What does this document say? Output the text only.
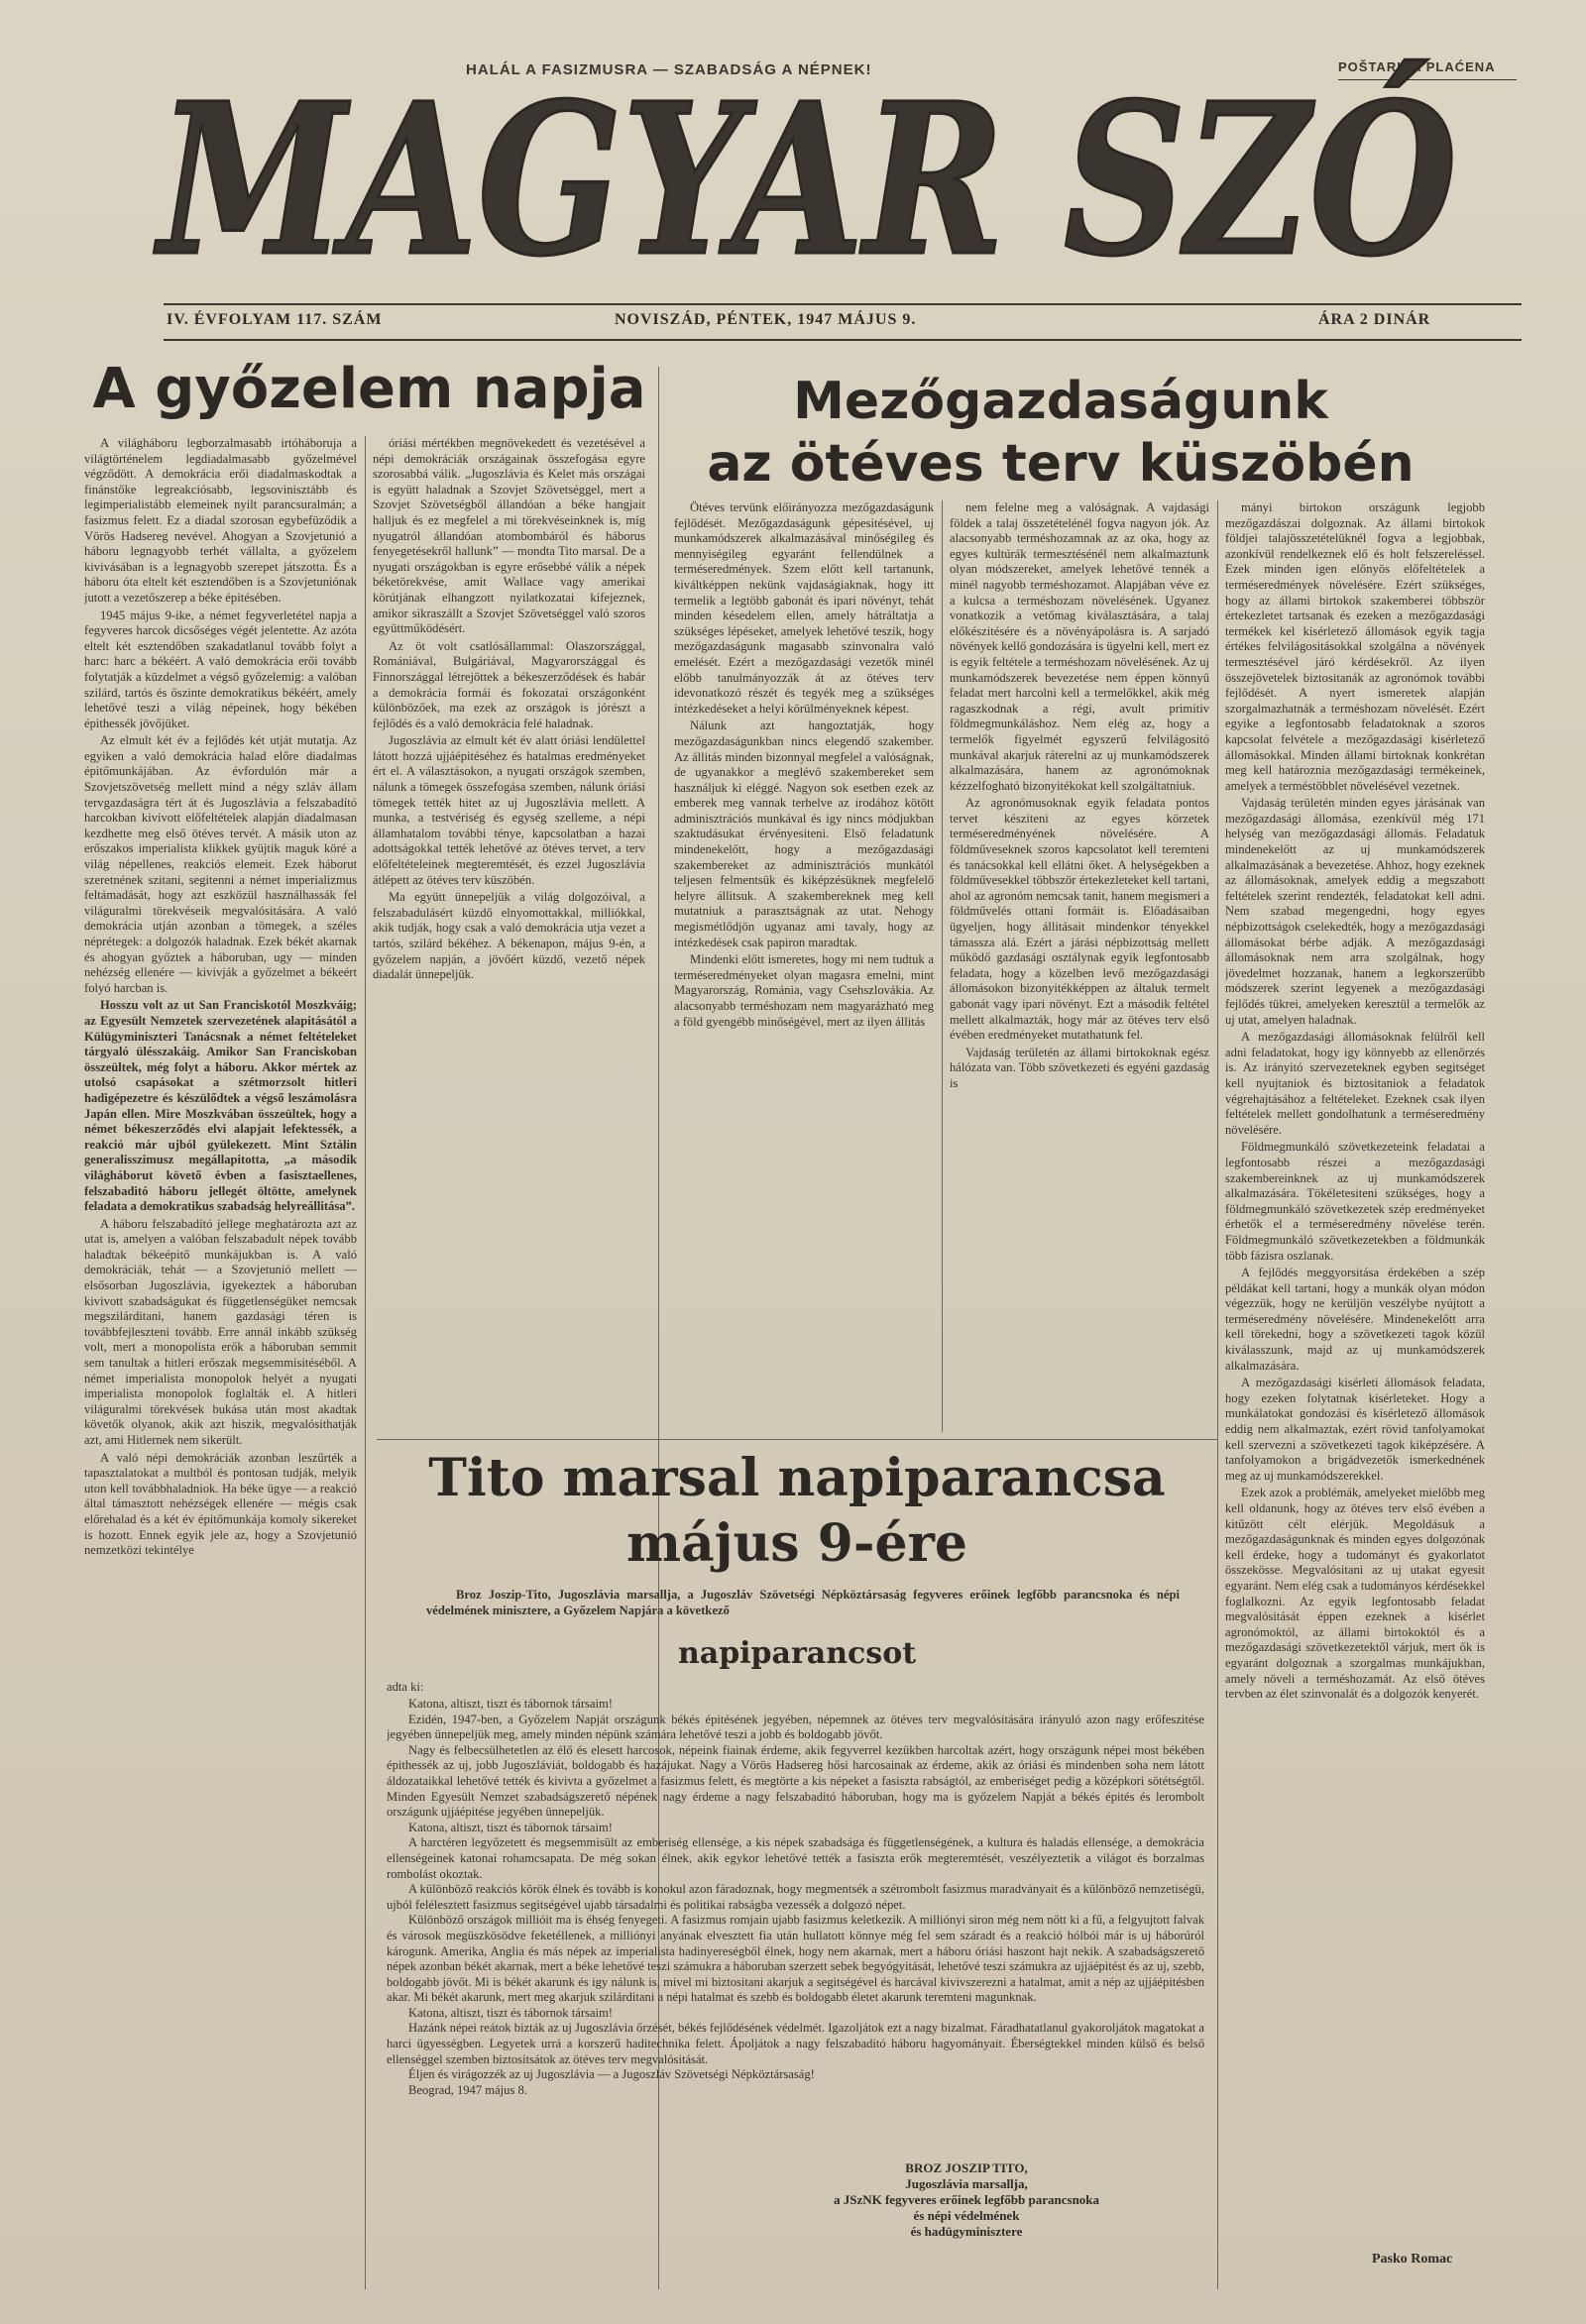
HALÁL A FASIZMUSRA — SZABADSÁG A NÉPNEK!	POŠTARINA PLAĆENA
MAGYAR SZÓ
IV. ÉVFOLYAM 117. SZÁM	NOVISZÁD, PÉNTEK, 1947 MÁJUS 9.	ÁRA 2 DINÁR
A győzelem napja

A világháboru legborzalmasabb irtóháboruja a világtörténelem legdiadalmasabb győzelmével végződött. A demokrácia erői diadalmaskodtak a finánstőke legreakciósabb, legsovinisztább és legimperialistább elemeinek nyilt parancsuralmán; a fasizmus felett. Ez a diadal szorosan egybefüződik a Vörös Hadsereg nevével. Ahogyan a Szovjetunió a háboru legnagyobb terhét vállalta, a győzelem kivivásában is a legnagyobb szerepet játszotta. És a háboru óta eltelt két esztendőben is a Szovjetuniónak jutott a vezetőszerep a béke épitésében.

1945 május 9-ike, a német fegyverletétel napja a fegyveres harcok dicsőséges végét jelentette. Az azóta eltelt két esztendőben szakadatlanul tovább folyt a harc: harc a békéért. A való demokrácia erői tovább folytatják a küzdelmet a végső győzelemig: a valóban szilárd, tartós és őszinte demokratikus békéért, amely lehetővé teszi a világ népeinek, hogy békében épithessék jövőjüket.

Az elmult két év a fejlődés két utját mutatja. Az egyiken a való demokrácia halad előre diadalmas épitőmunkájában. Az évfordulón már a Szovjetszövetség mellett mind a négy szláv állam tervgazdaságra tért át és Jugoszlávia a felszabadító harcokban kivivott előfeltételek alapján diadalmasan kezdhette meg első ötéves tervét. A másik uton az erőszakos imperialista klikkek gyüjtik maguk köré a világ népellenes, reakciós elemeit. Ezek háborut szeretnének szitani, segitenni a német imperializmus feltámadását, hogy azt eszközül használhassák fel világuralmi törekvéseik megvalósitására. A való demokrácia utján azonban a tömegek, a széles néprétegek: a dolgozók haladnak. Ezek békét akarnak és ahogyan győztek a háboruban, ugy — minden nehézség ellenére — kivivják a győzelmet a békeért folyó harcban is.

Hosszu volt az ut San Franciskotól Moszkváig; az Egyesült Nemzetek szervezetének alapitásától a Külügyminiszteri Tanácsnak a német feltételeket tárgyaló ülésszakáig. Amikor San Franciskoban összeültek, még folyt a háboru. Akkor mértek az utolsó csapásokat a szétmorzsolt hitleri hadigépezetre és készülődtek a végső leszámolásra Japán ellen. Mire Moszkvában összeültek, hogy a német békeszerződés elvi alapjait lefektessék, a reakció már ujból gyülekezett. Mint Sztálin generalisszimusz megállapitotta, „a második világháborut követő évben a fasisztaellenes, felszabaditó háboru jellegét öltötte, amelynek feladata a demokratikus szabadság helyreállitása”.

A háboru felszabadító jellege meghatározta azt az utat is, amelyen a valóban felszabadult népek tovább haladtak békeépitő munkájukban is. A való demokráciák, tehát — a Szovjetunió mellett — elsősorban Jugoszlávia, igyekeztek a háboruban kivivott szabadságukat és függetlenségüket nemcsak megszilárditani, hanem gazdasági téren is továbbfejleszteni tovább. Erre annál inkább szükség volt, mert a monopolista erők a háboruban semmit sem tanultak a hitleri erőszak megsemmisitéséből. A német imperialista monopolok helyét a nyugati imperialista monopolok foglalták el. A hitleri világuralmi törekvések bukása után most akadtak követők olyanok, akik azt hiszik, megvalósithatják azt, ami Hitlernek nem sikerült.

A való népi demokráciák azonban leszűrték a tapasztalatokat a multból és pontosan tudják, melyik uton kell továbbhaladniok. Ha béke ügye — a reakció által támasztott nehézségek ellenére — mégis csak előrehalad és a két év épitőmunkája komoly sikereket is hozott. Ennek egyik jele az, hogy a Szovjetunió nemzetközi tekintélye

óriási mértékben megnövekedett és vezetésével a népi demokráciák országainak összefogása egyre szorosabbá válik. „Jugoszlávia és Kelet más országai is együtt haladnak a Szovjet Szövetséggel, mert a Szovjet Szövetségből állandóan a béke hangjait halljuk és ez megfelel a mi törekvéseinknek is, míg nyugatról állandóan atombombáról és háborus fenyegetésekről hallunk” — mondta Tito marsal. De a nyugati országokban is egyre erősebbé válik a népek béketörekvése, amit Wallace vagy amerikai körútjának elhangzott nyilatkozatai kifejeznek, amikor sikraszállt a Szovjet Szövetséggel való szoros együttműködésért.

Az öt volt csatlósállammal: Olaszországgal, Romániával, Bulgáriával, Magyarországgal és Finnországgal létrejöttek a békeszerződések és habár a demokrácia formái és fokozatai országonként különbözőek, ma ezek az országok is jórészt a fejlődés és a való demokrácia felé haladnak.

Jugoszlávia az elmult két év alatt óriási lendülettel látott hozzá ujjáépitéséhez és hatalmas eredményeket ért el. A választásokon, a nyugati országok szemben, nálunk a tömegek összefogása szemben, nálunk óriási tömegek tették hitet az uj Jugoszlávia mellett. A munka, a testvériség és egység szelleme, a népi államhatalom további ténye, kapcsolatban a hazai adottságokkal tették lehetővé az ötéves tervet, a terv előfeltételeinek megteremtését, és ezzel Jugoszlávia átlépett az ötéves terv küszöbén.

Ma együtt ünnepeljük a világ dolgozóival, a felszabadulásért küzdő elnyomottakkal, milliókkal, akik tudják, hogy csak a való demokrácia utja vezet a tartós, szilárd békéhez. A békenapon, május 9-én, a győzelem napján, a jövőért küzdő, vezető népek diadalát ünnepeljük.

Mezőgazdaságunk
az ötéves terv küszöbén

Ötéves tervünk előirányozza mezőgazdaságunk fejlődését. Mezőgazdaságunk gépesitésével, uj munkamódszerek alkalmazásával minőségileg és mennyiségileg egyaránt fellendülnek a terméseredmények. Szem előtt kell tartanunk, kiváltképpen nekünk vajdaságiaknak, hogy itt termelik a legtöbb gabonát és ipari növényt, tehát minden késedelem ellen, amely hátráltatja a szükséges lépéseket, amelyek lehetővé teszik, hogy mezőgazdaságunk magasabb szinvonalra való emelését. Ezért a mezőgazdasági vezetők minél előbb tanulmányozzák át az ötéves terv idevonatkozó részét és tegyék meg a szükséges intézkedéseket a helyi körülményeknek képest.

Nálunk azt hangoztatják, hogy mezőgazdaságunkban nincs elegendő szakember. Az állitás minden bizonnyal megfelel a valóságnak, de ugyanakkor a meglévő szakembereket sem használjuk ki eléggé. Nagyon sok esetben ezek az emberek meg vannak terhelve az irodához kötött adminisztrációs munkával és igy nincs módjukban szaktudásukat érvényesiteni. Első feladatunk mindenekelőtt, hogy a mezőgazdasági szakembereket az adminisztrációs munkától teljesen felmentsük és kiképzésüknek megfelelő helyre állitsuk. A szakembereknek meg kell mutatniuk a parasztságnak az utat. Nehogy megismétlődjön ugyanaz ami tavaly, hogy az intézkedések csak papiron maradtak.

Mindenki előtt ismeretes, hogy mi nem tudtuk a terméseredményeket olyan magasra emelni, mint Magyarország, Románia, vagy Csehszlovákia. Az alacsonyabb terméshozam nem magyarázható meg a föld gyengébb minőségével, mert az ilyen állitás

nem felelne meg a valóságnak. A vajdasági földek a talaj összetételénél fogva nagyon jók. Az alacsonyabb terméshozamnak az az oka, hogy az egyes kultúrák termesztésénél nem alkalmaztunk olyan módszereket, amelyek lehetővé tennék a minél nagyobb terméshozamot. Alapjában véve ez a kulcsa a terméshozam növelésének. Ugyanez vonatkozik a vetőmag kiválasztására, a talaj előkészitésére és a növényápolásra is. A sarjadó növények kellő gondozására is ügyelni kell, mert ez is egyik feltétele a terméshozam növelésének. Az uj munkamódszerek bevezetése nem éppen könnyű feladat mert harcolni kell a termelőkkel, akik még ragaszkodnak a régi, avult primitiv földmegmunkáláshoz. Nem elég az, hogy a termelők figyelmét egyszerű felvilágositó munkával akarjuk ráterelni az uj munkamódszerek alkalmazására, hanem az agronómoknak kézzelfogható bizonyitékokat kell szolgáltatniuk.

Az agronómusoknak egyik feladata pontos tervet késziteni az egyes körzetek terméseredményének növelésére. A földműveseknek szoros kapcsolatot kell teremteni és tanácsokkal kell ellátni őket. A helységekben a földművesekkel többször értekezleteket kell tartani, ahol az agronóm nemcsak tanit, hanem megismeri a földművelés ottani formáit is. Előadásaiban ügyeljen, hogy állitásait mindenkor tényekkel támassza alá. Ezért a járási népbizottság mellett működő gazdasági osztálynak egyik legfontosabb feladata, hogy a közelben levő mezőgazdasági állomásokon bizonyitékképpen az általuk termelt gabonát vagy ipari növényt. Ezt a második feltétel mellett alkalmazták, hogy már az ötéves terv első évében eredményeket mutathatunk fel.

Vajdaság területén az állami birtokoknak egész hálózata van. Több szövetkezeti és egyéni gazdaság is

mányi birtokon országunk legjobb mezőgazdászai dolgoznak. Az állami birtokok földjei talajösszetételüknél fogva a legjobbak, azonkívül rendelkeznek elő és holt felszereléssel. Ezek minden igen előnyös előfeltételek a terméseredmények növelésére. Ezért szükséges, hogy az állami birtokok szakemberei többször értekezletet tartsanak és ezeken a mezőgazdasági termékek kel kisérletező állomások egyik tagja értékes felvilágositásokkal szolgálna a növények termesztésével járó kérdésekről. Az ilyen összejövetelek biztositanák az agronómok további fejlődését. A nyert ismeretek alapján szorgalmazhatnák a terméshozam növelését. Ezért egyike a legfontosabb feladatoknak a szoros kapcsolat felvétele a mezőgazdasági kisérletező állomásokkal. Minden állami birtoknak konkrétan meg kell határoznia mezőgazdasági termékeinek, amelyek a terméstöbblet növelésével vezetnek.

Vajdaság területén minden egyes járásának van mezőgazdasági állomása, ezenkívül még 171 helység van mezőgazdasági állomás. Feladatuk mindenekelőtt az uj munkamódszerek alkalmazásának a bevezetése. Ahhoz, hogy ezeknek az állomásoknak, amelyek eddig a megszabott feltételek szerint rendezték, feladatokat kell adni. Nem szabad megengedni, hogy egyes népbizottságok cselekedték, hogy a mezőgazdasági állomásokat bérbe adják. A mezőgazdasági állomásoknak nem arra szolgálnak, hogy jövedelmet hozzanak, hanem a legkorszerűbb módszerek szerint legyenek a mezőgazdasági fejlődés tükrei, amelyeken keresztül a termelők az uj utat, amelyen haladnak.

A mezőgazdasági állomásoknak felülről kell adni feladatokat, hogy igy könnyebb az ellenőrzés is. Az irányitó szervezeteknek egyben segitséget kell nyujtaniok és biztositaniok a feladatok végrehajtásához a feltételeket. Ezeknek csak ilyen feltételek mellett gondolhatunk a terméseredmény növelésére.

Földmegmunkáló szövetkezeteink feladatai a legfontosabb részei a mezőgazdasági szakembereinknek az uj munkamódszerek alkalmazására. Tökéletesiteni szükséges, hogy a földmegmunkáló szövetkezetek szép eredményeket érhetők el a terméseredmény növelése terén. Földmegmunkáló szövetkezetekben a földmunkák több fázisra oszlanak.

A fejlődés meggyorsitása érdekében a szép példákat kell tartani, hogy a munkák olyan módon végezzük, hogy ne kerüljön veszélybe nyújtott a terméseredmény növelésére. Mindenekelőtt arra kell törekedni, hogy a szövetkezeti tagok közül kiválasszunk, majd az uj munkamódszerek alkalmazására.

A mezőgazdasági kisérleti állomások feladata, hogy ezeken folytatnak kisérleteket. Hogy a munkálatokat gondozási és kísérletező állomások eddig nem alkalmaztak, ezért rövid tanfolyamokat kell szervezni a szövetkezeti tagok kiképzésére. A tanfolyamokon a brigádvezetők ismerkednének meg az uj munkamódszerekkel.

Ezek azok a problémák, amelyeket mielőbb meg kell oldanunk, hogy az ötéves terv első évében a kitűzött célt elérjük. Megoldásuk a mezőgazdaságunknak és minden egyes dolgozónak kell érdeke, hogy a tudományt és gyakorlatot összekösse. Megvalósitani az uj utakat egyesit egyaránt. Nem elég csak a tudományos kérdésekkel foglalkozni. Az egyik legfontosabb feladat megvalósitását éppen ezeknek a kisérlet agronómoktól, az állami birtokoktól és a mezőgazdasági szövetkezetektől várjuk, mert ők is egyaránt dolgoznak a szorgalmas munkájukban, amely növeli a terméshozamát. Az első ötéves tervben az élet szinvonalát és a dolgozók kenyerét.

Pasko Romac
Tito marsal napiparancsa
május 9-ére
Broz Joszip-Tito, Jugoszlávia marsallja, a Jugoszláv Szövetségi Népköztársaság fegyveres erőinek legfőbb parancsnoka és népi védelmének minisztere, a Győzelem Napjára a következő
napiparancsot
adta ki:

Katona, altiszt, tiszt és tábornok társaim!

Ezidén, 1947-ben, a Győzelem Napját országunk békés épitésének jegyében, népemnek az ötéves terv megvalósitására irányuló azon nagy erőfeszitése jegyében ünnepeljük meg, amely minden népünk számára lehetővé teszi a jobb és boldogabb jövőt.

Nagy és felbecsülhetetlen az élő és elesett harcosok, népeink fiainak érdeme, akik fegyverrel kezükben harcoltak azért, hogy országunk népei most békében épithessék az uj, jobb Jugoszláviát, boldogabb és hazájukat. Nagy a Vörös Hadsereg hősi harcosainak az érdeme, akik az óriási és mindenben soha nem látott áldozataikkal lehetővé tették és kivivta a győzelmet a fasizmus felett, és megtörte a kis népeket a fasiszta rabságtól, az emberiséget pedig a középkori sötétségtől. Minden Egyesült Nemzet szabadságszerető népének nagy érdeme a nagy felszabaditó háboruban, hogy ma is győzelem Napját a békés épités és lerombolt országunk ujjáépitése jegyében ünnepeljük.

Katona, altiszt, tiszt és tábornok társaim!

A harctéren legyőzetett és megsemmisült az emberiség ellensége, a kis népek szabadsága és függetlenségének, a kultura és haladás ellensége, a demokrácia ellenségeinek katonai rohamcsapata. De még sokan élnek, akik egykor lehetővé tették a fasiszta erők megteremtését, veszélyeztetik a világot és borzalmas rombolást okoztak.

A különböző reakciós körök élnek és tovább is konokul azon fáradoznak, hogy megmentsék a szétrombolt fasizmus maradványait és a különböző nemzetiségü, ujból felélesztett fasizmus segitségével ujabb társadalmi és politikai rabságba vezessék a dolgozó népet.

Különböző országok millióit ma is éhség fenyegeti. A fasizmus romjain ujabb fasizmus keletkezik. A milliónyi siron még nem nőtt ki a fű, a felgyujtott falvak és városok megüszkösödve feketéllenek, a milliónyi anyának elvesztett fia után hullatott könnye még fel sem száradt és a reakció hólbói már is uj háborúról károgunk. Amerika, Anglia és más népek az imperialista hadinyereségből élnek, hogy nem akarnak, mert a háboru óriási haszont hajt nekik. A szabadságszerető népek azonban békét akarnak, mert a béke lehetővé teszi számukra a háboruban szerzett sebek begyógyitását, lehetővé teszi számukra az ujjáépitést és az uj, szebb, boldogabb jövőt. Mi is békét akarunk és igy nálunk is, mivel mi biztositani akarjuk a segitségével és harcával kivivszerezni a hatalmat, amit a nép az ujjáépitésben akar. Mi békét akarunk, mert meg akarjuk szilárditani a népi hatalmat és szebb és boldogabb életet akarunk teremteni magunknak.

Katona, altiszt, tiszt és tábornok társaim!

Hazánk népei reátok bizták az uj Jugoszlávia őrzését, békés fejlődésének védelmét. Igazoljátok ezt a nagy bizalmat. Fáradhatatlanul gyakoroljátok magatokat a harci ügyességben. Legyetek urrá a korszerű haditechnika felett. Ápoljátok a nagy felszabaditó háboru hagyományait. Éberségtekkel minden külső és belső ellenséggel szemben biztositsátok az ötéves terv megvalósitását.

Éljen és virágozzék az uj Jugoszlávia — a Jugoszláv Szövetségi Népköztársaság!

Beograd, 1947 május 8.

BROZ JOSZIP TITO,
Jugoszlávia marsallja,
a JSzNK fegyveres erőinek legfőbb parancsnoka
és népi védelmének
és hadügyminisztere
